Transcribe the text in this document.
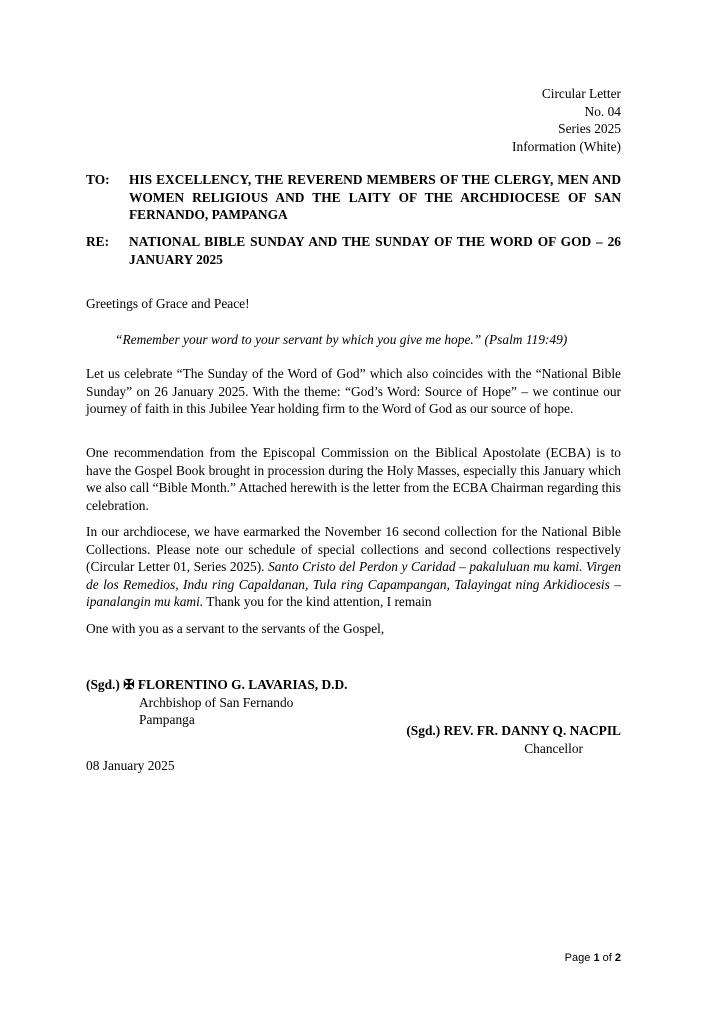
Circular Letter
No. 04
Series 2025
Information (White)
TO: HIS EXCELLENCY, THE REVEREND MEMBERS OF THE CLERGY, MEN AND WOMEN RELIGIOUS AND THE LAITY OF THE ARCHDIOCESE OF SAN FERNANDO, PAMPANGA
RE: NATIONAL BIBLE SUNDAY AND THE SUNDAY OF THE WORD OF GOD – 26 JANUARY 2025
Greetings of Grace and Peace!
“Remember your word to your servant by which you give me hope.” (Psalm 119:49)
Let us celebrate “The Sunday of the Word of God” which also coincides with the “National Bible Sunday” on 26 January 2025. With the theme: “God’s Word: Source of Hope” – we continue our journey of faith in this Jubilee Year holding firm to the Word of God as our source of hope.
One recommendation from the Episcopal Commission on the Biblical Apostolate (ECBA) is to have the Gospel Book brought in procession during the Holy Masses, especially this January which we also call “Bible Month.” Attached herewith is the letter from the ECBA Chairman regarding this celebration.
In our archdiocese, we have earmarked the November 16 second collection for the National Bible Collections. Please note our schedule of special collections and second collections respectively (Circular Letter 01, Series 2025). Santo Cristo del Perdon y Caridad – pakaluluan mu kami. Virgen de los Remedios, Indu ring Capaldanan, Tula ring Capampangan, Talayingat ning Arkidiocesis – ipanalangin mu kami. Thank you for the kind attention, I remain
One with you as a servant to the servants of the Gospel,
(Sgd.) ✠ FLORENTINO G. LAVARIAS, D.D.
Archbishop of San Fernando
Pampanga
(Sgd.) REV. FR. DANNY Q. NACPIL
Chancellor
08 January 2025
Page 1 of 2
